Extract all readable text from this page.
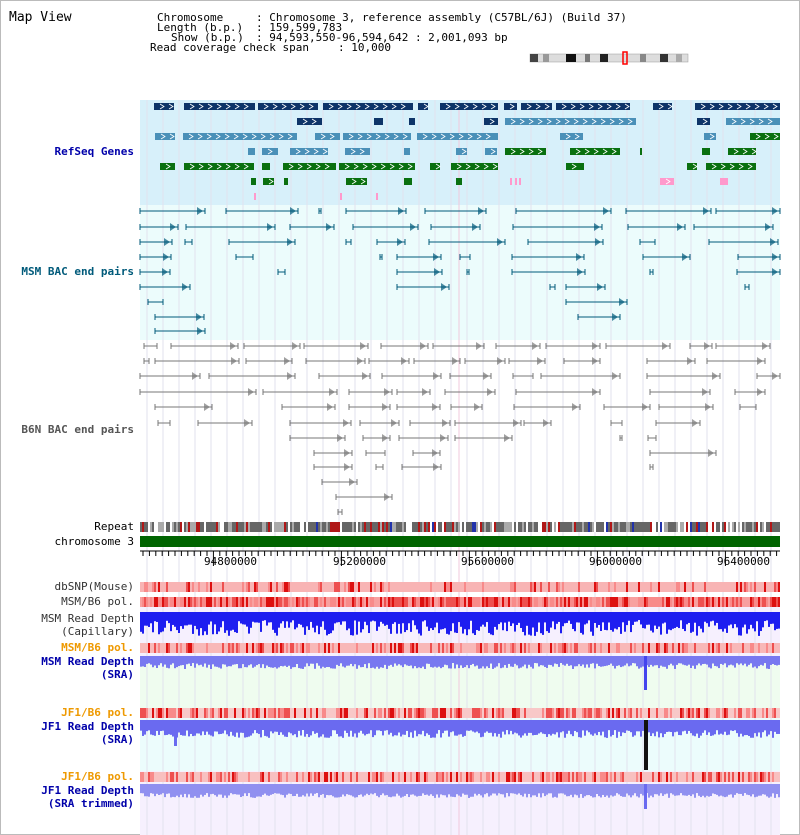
Map View	Chromosome	: Chromosome 3, reference assembly (C57BL/6J) (Build 37)
Length (b.p.) : 159,599,783
Show (b.p.) : 94,593,550-96,594,642 : 2,001,093 bp
Read coverage check span	: 10,000
94800000	95200000	95600000	96000000	96400000
RefSeq Genes
MSM BAC end pairs
B6N BAC end pairs
Repeat
chromosome 3
dbSNP(Mouse)
MSM/B6 pol.
MSM Read Depth
(Capillary)
MSM/B6 pol.
MSM Read Depth
(SRA)
JF1/B6 pol.
JF1 Read Depth
(SRA)
JF1/B6 pol.
JF1 Read Depth
(SRA trimmed)
